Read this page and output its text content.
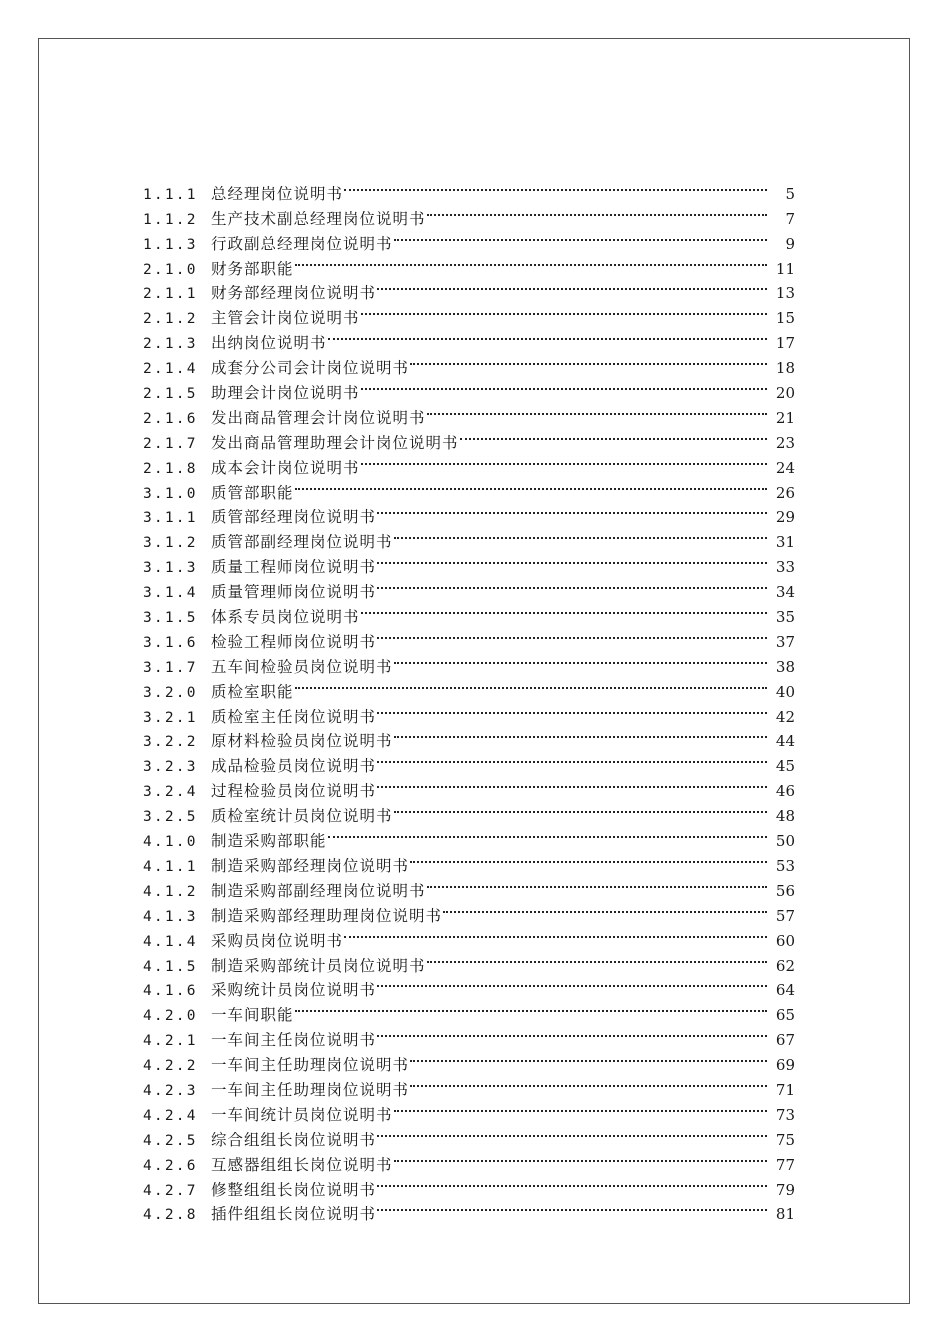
1.1.1 总经理岗位说明书	5
1.1.2 生产技术副总经理岗位说明书	7
1.1.3 行政副总经理岗位说明书	9
2.1.0 财务部职能	11
2.1.1 财务部经理岗位说明书	13
2.1.2 主管会计岗位说明书	15
2.1.3 出纳岗位说明书	17
2.1.4 成套分公司会计岗位说明书	18
2.1.5 助理会计岗位说明书	20
2.1.6 发出商品管理会计岗位说明书	21
2.1.7 发出商品管理助理会计岗位说明书	23
2.1.8 成本会计岗位说明书	24
3.1.0 质管部职能	26
3.1.1 质管部经理岗位说明书	29
3.1.2 质管部副经理岗位说明书	31
3.1.3 质量工程师岗位说明书	33
3.1.4 质量管理师岗位说明书	34
3.1.5 体系专员岗位说明书	35
3.1.6 检验工程师岗位说明书	37
3.1.7 五车间检验员岗位说明书	38
3.2.0 质检室职能	40
3.2.1 质检室主任岗位说明书	42
3.2.2 原材料检验员岗位说明书	44
3.2.3 成品检验员岗位说明书	45
3.2.4 过程检验员岗位说明书	46
3.2.5 质检室统计员岗位说明书	48
4.1.0 制造采购部职能	50
4.1.1 制造采购部经理岗位说明书	53
4.1.2 制造采购部副经理岗位说明书	56
4.1.3 制造采购部经理助理岗位说明书	57
4.1.4 采购员岗位说明书	60
4.1.5 制造采购部统计员岗位说明书	62
4.1.6 采购统计员岗位说明书	64
4.2.0 一车间职能	65
4.2.1 一车间主任岗位说明书	67
4.2.2 一车间主任助理岗位说明书	69
4.2.3 一车间主任助理岗位说明书	71
4.2.4 一车间统计员岗位说明书	73
4.2.5 综合组组长岗位说明书	75
4.2.6 互感器组组长岗位说明书	77
4.2.7 修整组组长岗位说明书	79
4.2.8 插件组组长岗位说明书	81
